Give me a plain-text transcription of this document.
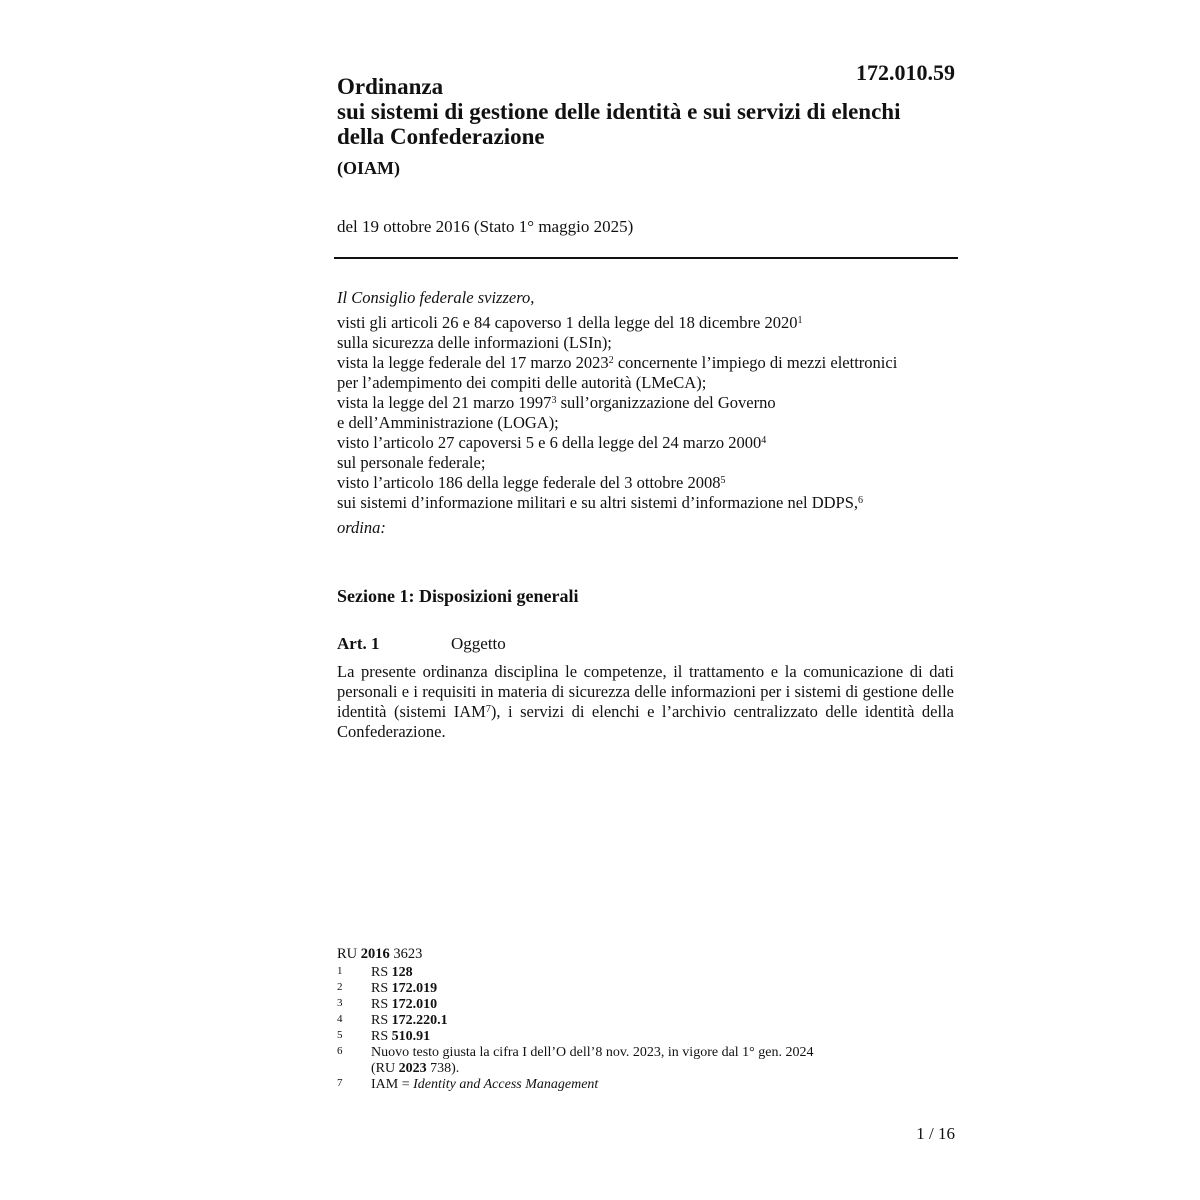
172.010.59
Ordinanza
sui sistemi di gestione delle identità e sui servizi di elenchi
della Confederazione
(OIAM)
del 19 ottobre 2016 (Stato 1° maggio 2025)
Il Consiglio federale svizzero,
visti gli articoli 26 e 84 capoverso 1 della legge del 18 dicembre 2020$^1$
sulla sicurezza delle informazioni (LSIn);
vista la legge federale del 17 marzo 2023$^2$ concernente l’impiego di mezzi elettronici
per l’adempimento dei compiti delle autorità (LMeCA);
vista la legge del 21 marzo 1997$^3$ sull’organizzazione del Governo
e dell’Amministrazione (LOGA);
visto l’articolo 27 capoversi 5 e 6 della legge del 24 marzo 2000$^4$
sul personale federale;
visto l’articolo 186 della legge federale del 3 ottobre 2008$^5$
sui sistemi d’informazione militari e su altri sistemi d’informazione nel DDPS,$^6$
ordina:
Sezione 1: Disposizioni generali
Art. 1	Oggetto

La presente ordinanza disciplina le competenze, il trattamento e la comunicazione di dati personali e i requisiti in materia di sicurezza delle informazioni per i sistemi di gestione delle identità (sistemi IAM$^7$), i servizi di elenchi e l’archivio centralizzato delle identità della Confederazione.

RU 2016 3623
1	RS 128
2	RS 172.019
3	RS 172.010
4	RS 172.220.1
5	RS 510.91
6	Nuovo testo giusta la cifra I dell’O dell’8 nov. 2023, in vigore dal 1° gen. 2024
(RU 2023 738).
7	IAM = Identity and Access Management
1 / 16
